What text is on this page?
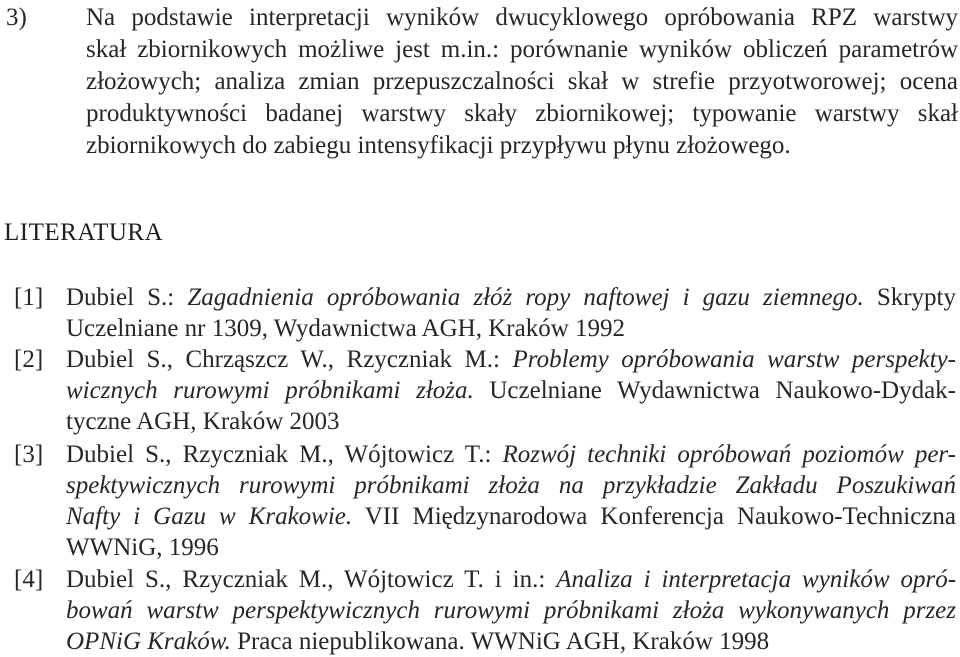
3) Na podstawie interpretacji wyników dwucyklowego opróbowania RPZ warstwy
skał zbiornikowych możliwe jest m.in.: porównanie wyników obliczeń parametrów
złożowych; analiza zmian przepuszczalności skał w strefie przyotworowej; ocena
produktywności badanej warstwy skały zbiornikowej; typowanie warstwy skał
zbiornikowych do zabiegu intensyfikacji przypływu płynu złożowego.
LITERATURA
[1] Dubiel S.: Zagadnienia opróbowania złóż ropy naftowej i gazu ziemnego. Skrypty
Uczelniane nr 1309, Wydawnictwa AGH, Kraków 1992
[2] Dubiel S., Chrząszcz W., Rzyczniak M.: Problemy opróbowania warstw perspekty-
wicznych rurowymi próbnikami złoża. Uczelniane Wydawnictwa Naukowo-Dydak-
tyczne AGH, Kraków 2003
[3] Dubiel S., Rzyczniak M., Wójtowicz T.: Rozwój techniki opróbowań poziomów per-
spektywicznych rurowymi próbnikami złoża na przykładzie Zakładu Poszukiwań
Nafty i Gazu w Krakowie. VII Międzynarodowa Konferencja Naukowo-Techniczna
WWNiG, 1996
[4] Dubiel S., Rzyczniak M., Wójtowicz T. i in.: Analiza i interpretacja wyników opró-
bowań warstw perspektywicznych rurowymi próbnikami złoża wykonywanych przez
OPNiG Kraków. Praca niepublikowana. WWNiG AGH, Kraków 1998
